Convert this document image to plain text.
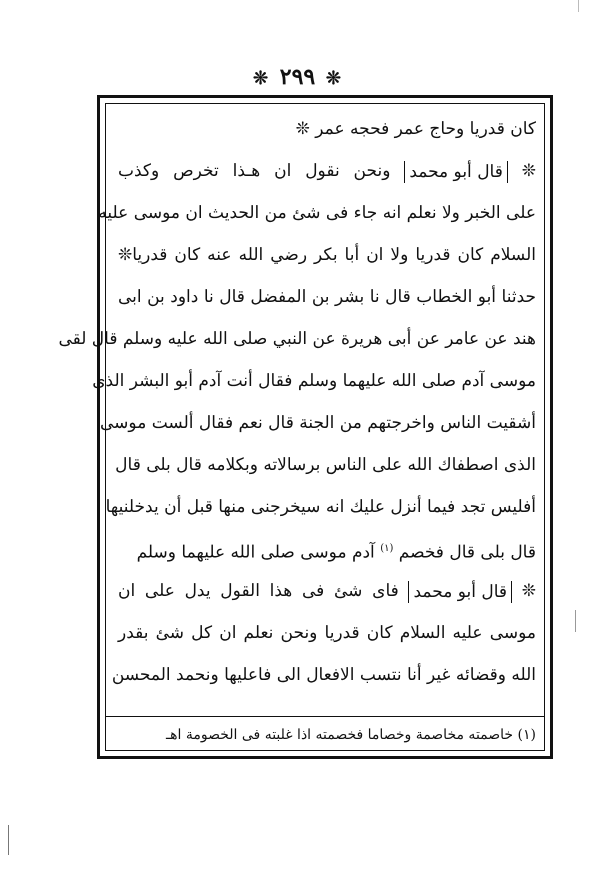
❊ ٢٩٩ ❊
كان قدريا وحاج عمر فحجه عمر ❊
❊ قال أبو محمد ونحن نقول ان هـذا تخرص وكذب
على الخبر ولا نعلم انه جاء فى شئ من الحديث ان موسى عليه
السلام كان قدريا ولا ان أبا بكر رضي الله عنه كان قدريا❊
حدثنا أبو الخطاب قال نا بشر بن المفضل قال نا داود بن ابى
هند عن عامر عن أبى هريرة عن النبي صلى الله عليه وسلم قال لقى
موسى آدم صلى الله عليهما وسلم فقال أنت آدم أبو البشر الذى
أشقيت الناس واخرجتهم من الجنة قال نعم فقال ألست موسى
الذى اصطفاك الله على الناس برسالاته وبكلامه قال بلى قال
أفليس تجد فيما أنزل عليك انه سيخرجنى منها قبل أن يدخلنيها
قال بلى قال فخصم $^{(١)}$ آدم موسى صلى الله عليهما وسلم
❊ قال أبو محمد فاى شئ فى هذا القول يدل على ان
موسى عليه السلام كان قدريا ونحن نعلم ان كل شئ بقدر
الله وقضائه غير أنا نتسب الافعال الى فاعليها ونحمد المحسن
(١) خاصمته مخاصمة وخصاما فخصمته اذا غلبته فى الخصومة اهـ
